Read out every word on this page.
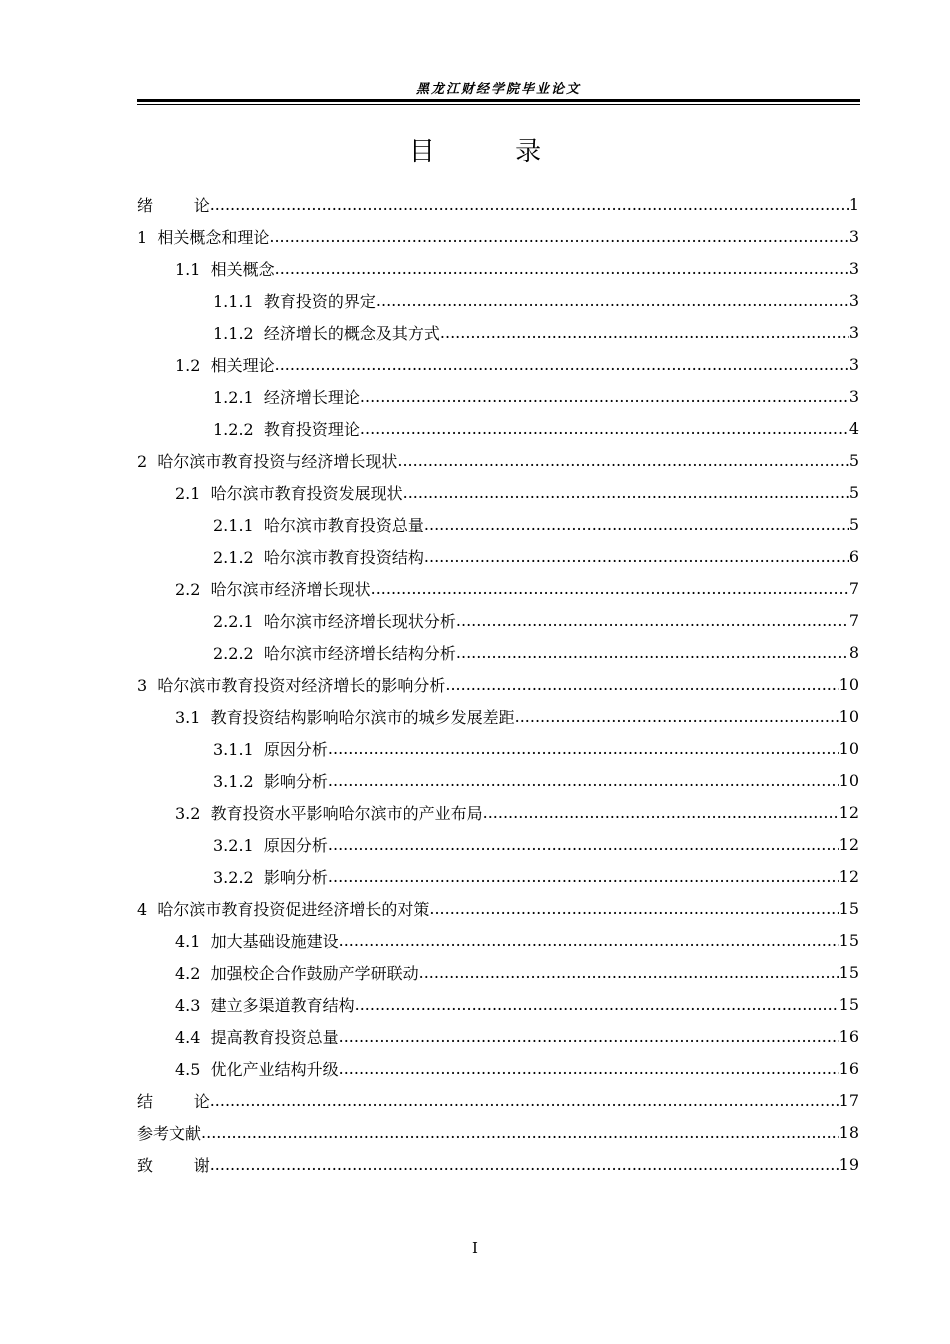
黑龙江财经学院毕业论文
目 录
绪        论 .....	1
1  相关概念和理论 .....	3
1.1  相关概念 .....	3
1.1.1  教育投资的界定 .....	3
1.1.2  经济增长的概念及其方式 .....	3
1.2  相关理论 .....	3
1.2.1  经济增长理论 .....	3
1.2.2  教育投资理论 .....	4
2  哈尔滨市教育投资与经济增长现状 .....	5
2.1  哈尔滨市教育投资发展现状 .....	5
2.1.1  哈尔滨市教育投资总量 .....	5
2.1.2  哈尔滨市教育投资结构 .....	6
2.2  哈尔滨市经济增长现状 .....	7
2.2.1  哈尔滨市经济增长现状分析 .....	7
2.2.2  哈尔滨市经济增长结构分析 .....	8
3  哈尔滨市教育投资对经济增长的影响分析 .....	10
3.1  教育投资结构影响哈尔滨市的城乡发展差距 .....	10
3.1.1  原因分析 .....	10
3.1.2  影响分析 .....	10
3.2  教育投资水平影响哈尔滨市的产业布局 .....	12
3.2.1  原因分析 .....	12
3.2.2  影响分析 .....	12
4  哈尔滨市教育投资促进经济增长的对策 .....	15
4.1  加大基础设施建设 .....	15
4.2  加强校企合作鼓励产学研联动 .....	15
4.3  建立多渠道教育结构 .....	15
4.4  提高教育投资总量 .....	16
4.5  优化产业结构升级 .....	16
结        论 .....	17
参考文献 .....	18
致        谢 .....	19
I
